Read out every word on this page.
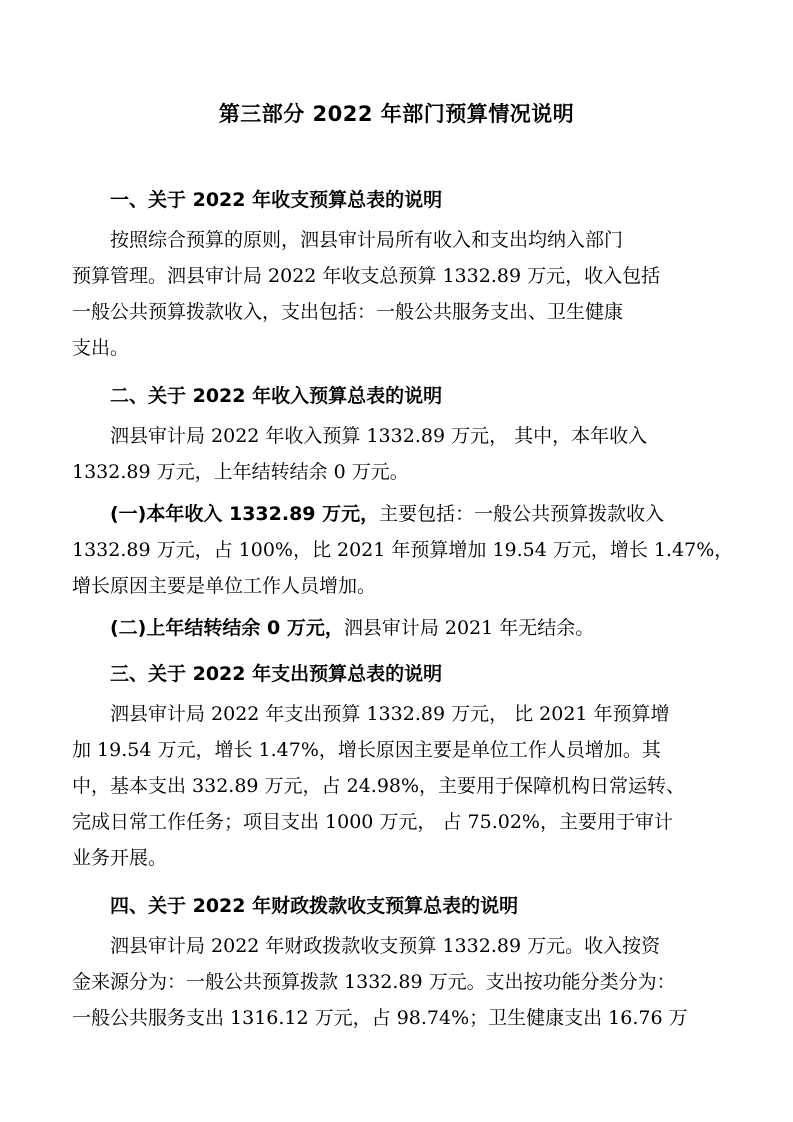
第三部分 2022 年部门预算情况说明

一、关于 2022 年收支预算总表的说明

按照综合预算的原则，泗县审计局所有收入和支出均纳入部门
预算管理。泗县审计局 2022 年收支总预算 1332.89 万元，收入包括
一般公共预算拨款收入，支出包括：一般公共服务支出、卫生健康
支出。

二、关于 2022 年收入预算总表的说明

泗县审计局 2022 年收入预算 1332.89 万元， 其中，本年收入
1332.89 万元，上年结转结余 0 万元。

(一)本年收入 1332.89 万元，主要包括：一般公共预算拨款收入
1332.89 万元，占 100%，比 2021 年预算增加 19.54 万元，增长 1.47%，
增长原因主要是单位工作人员增加。

(二)上年结转结余 0 万元，泗县审计局 2021 年无结余。

三、关于 2022 年支出预算总表的说明

泗县审计局 2022 年支出预算 1332.89 万元， 比 2021 年预算增
加 19.54 万元，增长 1.47%，增长原因主要是单位工作人员增加。其
中，基本支出 332.89 万元，占 24.98%，主要用于保障机构日常运转、
完成日常工作任务；项目支出 1000 万元， 占 75.02%，主要用于审计
业务开展。

四、关于 2022 年财政拨款收支预算总表的说明

泗县审计局 2022 年财政拨款收支预算 1332.89 万元。收入按资
金来源分为：一般公共预算拨款 1332.89 万元。支出按功能分类分为：
一般公共服务支出 1316.12 万元，占 98.74%；卫生健康支出 16.76 万
